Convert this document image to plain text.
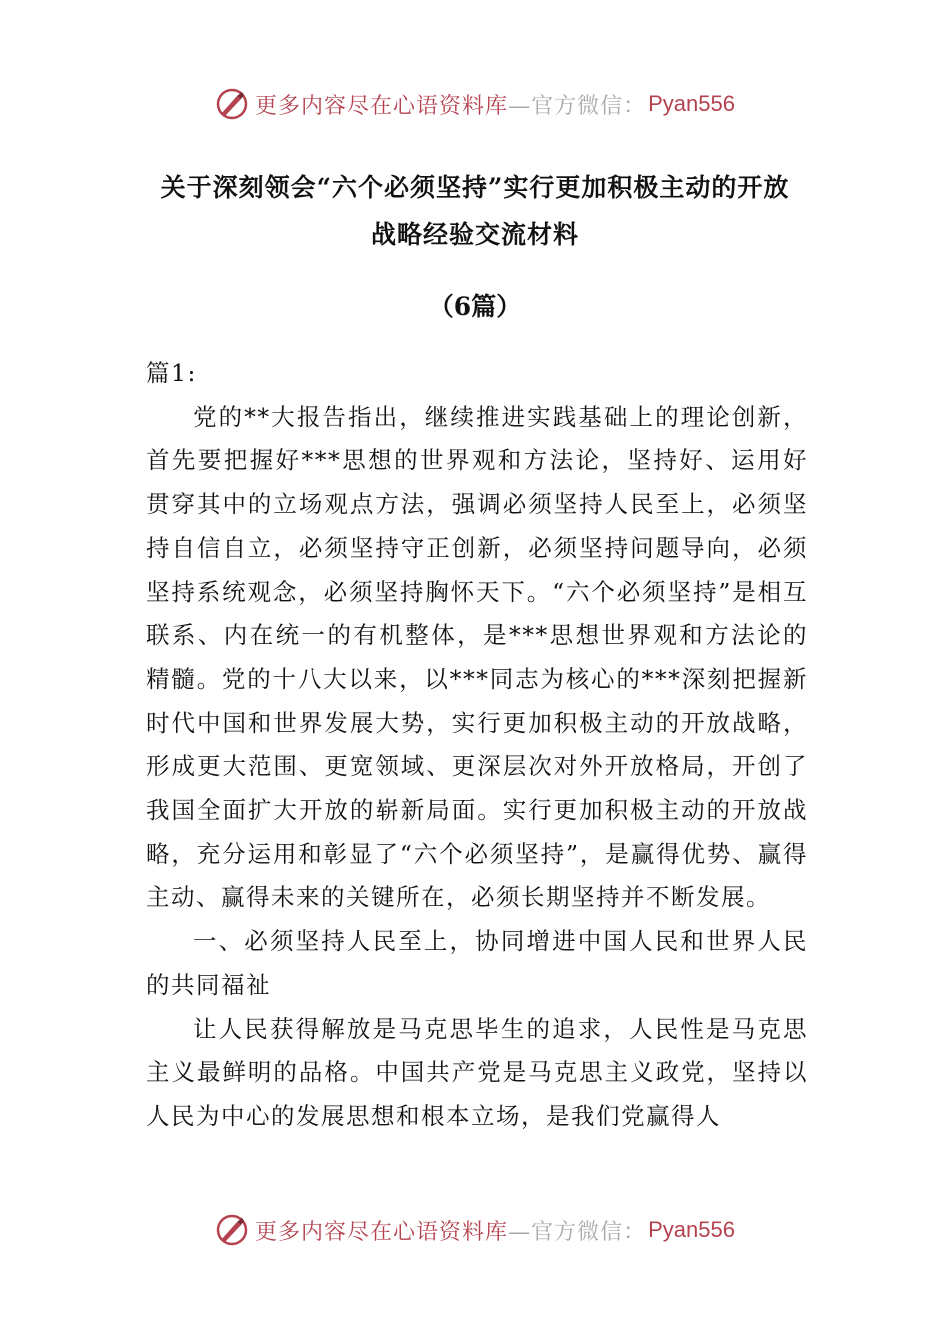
更多内容尽在心语资料库 —官方微信： Pyan556
关于深刻领会“六个必须坚持”实行更加积极主动的开放
战略经验交流材料
（6篇）

篇1:

党的**大报告指出，继续推进实践基础上的理论创新，首先要把握好***思想的世界观和方法论，坚持好、运用好贯穿其中的立场观点方法，强调必须坚持人民至上，必须坚持自信自立，必须坚持守正创新，必须坚持问题导向，必须坚持系统观念，必须坚持胸怀天下。“六个必须坚持”是相互联系、内在统一的有机整体，是***思想世界观和方法论的精髓。党的十八大以来，以***同志为核心的***深刻把握新时代中国和世界发展大势，实行更加积极主动的开放战略，形成更大范围、更宽领域、更深层次对外开放格局，开创了我国全面扩大开放的崭新局面。实行更加积极主动的开放战略，充分运用和彰显了“六个必须坚持”，是赢得优势、赢得主动、赢得未来的关键所在，必须长期坚持并不断发展。

一、必须坚持人民至上，协同增进中国人民和世界人民的共同福祉

让人民获得解放是马克思毕生的追求，人民性是马克思主义最鲜明的品格。中国共产党是马克思主义政党，坚持以人民为中心的发展思想和根本立场，是我们党赢得人

更多内容尽在心语资料库 —官方微信： Pyan556
